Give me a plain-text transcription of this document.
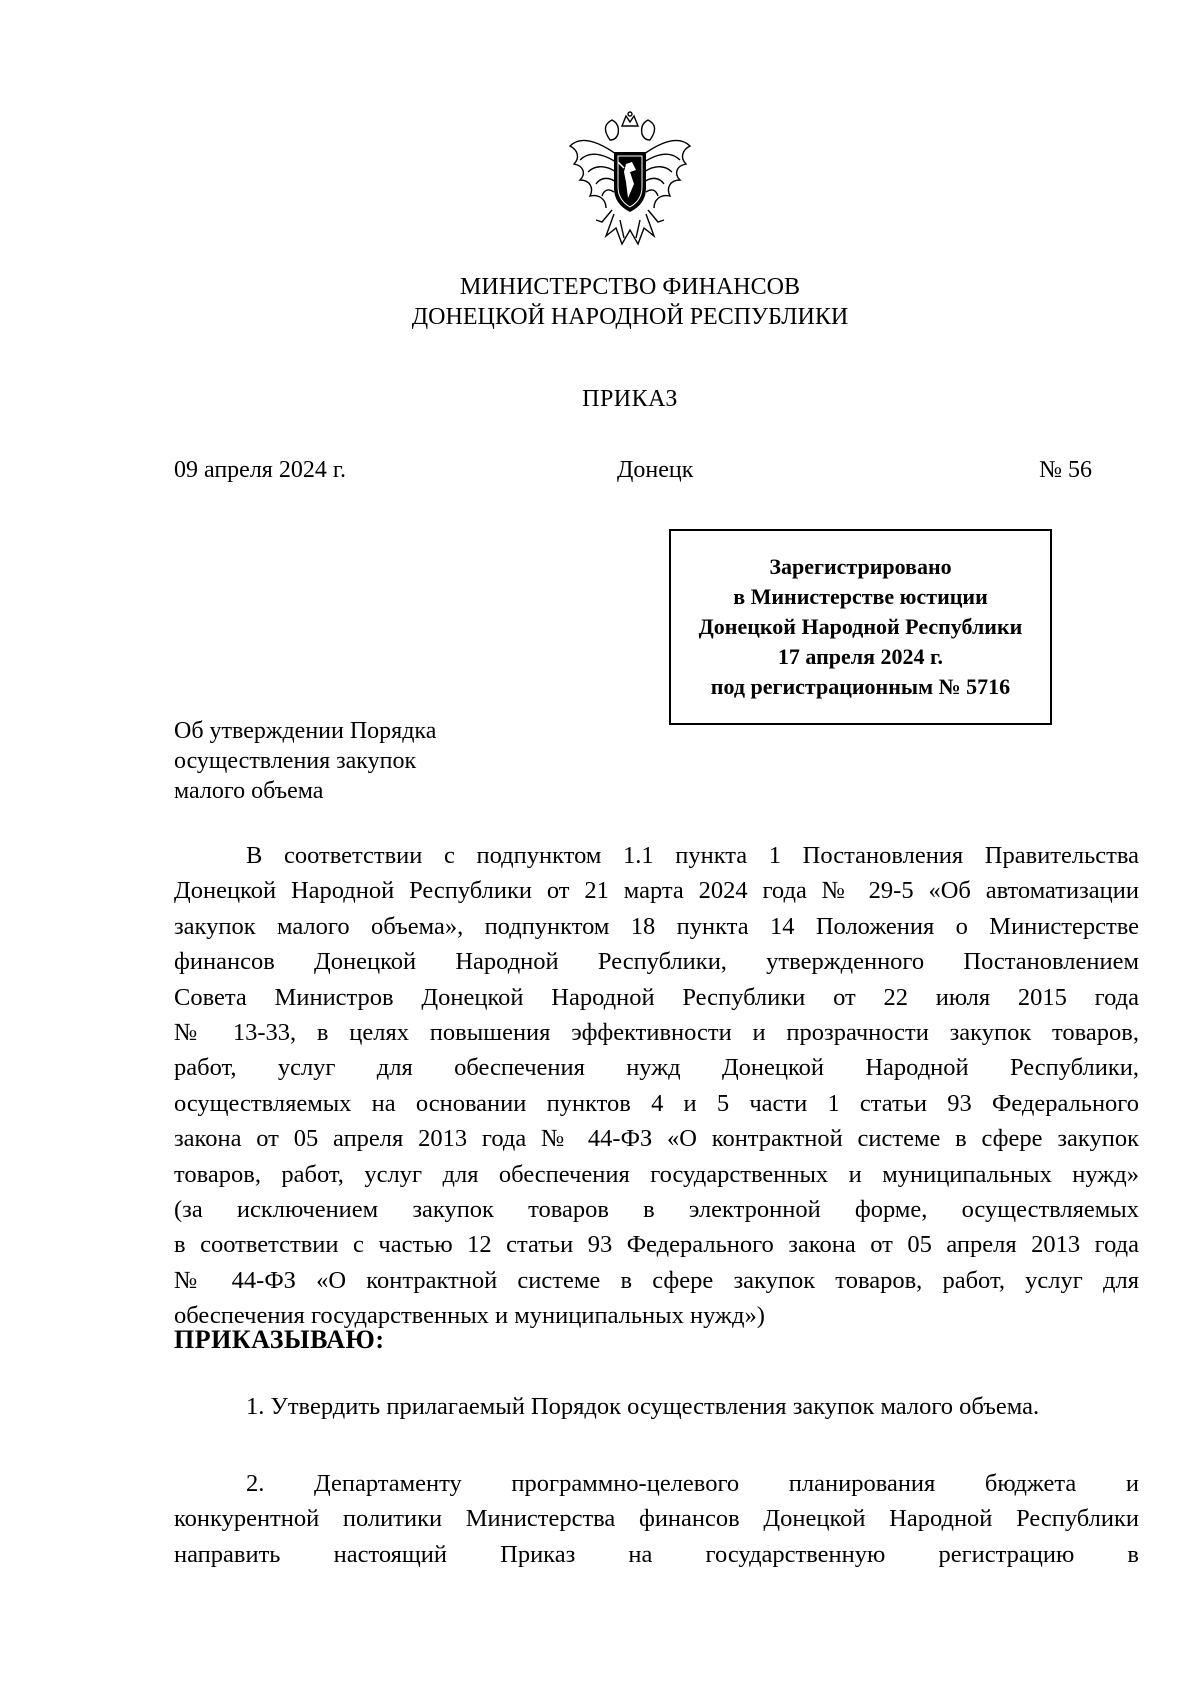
МИНИСТЕРСТВО ФИНАНСОВ
ДОНЕЦКОЙ НАРОДНОЙ РЕСПУБЛИКИ
ПРИКАЗ
09 апреля 2024 г.	Донецк	№ 56
Зарегистрировано
в Министерстве юстиции
Донецкой Народной Республики
17 апреля 2024 г.
под регистрационным № 5716
Об утверждении Порядка
осуществления закупок
малого объема
В соответствии с подпунктом 1.1 пункта 1 Постановления Правительства
Донецкой Народной Республики от 21 марта 2024 года № 29-5 «Об автоматизации
закупок малого объема», подпунктом 18 пункта 14 Положения о Министерстве
финансов Донецкой Народной Республики, утвержденного Постановлением
Совета Министров Донецкой Народной Республики от 22 июля 2015 года
№ 13-33, в целях повышения эффективности и прозрачности закупок товаров,
работ, услуг для обеспечения нужд Донецкой Народной Республики,
осуществляемых на основании пунктов 4 и 5 части 1 статьи 93 Федерального
закона от 05 апреля 2013 года № 44-ФЗ «О контрактной системе в сфере закупок
товаров, работ, услуг для обеспечения государственных и муниципальных нужд»
(за исключением закупок товаров в электронной форме, осуществляемых
в соответствии с частью 12 статьи 93 Федерального закона от 05 апреля 2013 года
№ 44-ФЗ «О контрактной системе в сфере закупок товаров, работ, услуг для
обеспечения государственных и муниципальных нужд»)
ПРИКАЗЫВАЮ:
1. Утвердить прилагаемый Порядок осуществления закупок малого объема.
2. Департаменту программно-целевого планирования бюджета и
конкурентной политики Министерства финансов Донецкой Народной Республики
направить настоящий Приказ на государственную регистрацию в
